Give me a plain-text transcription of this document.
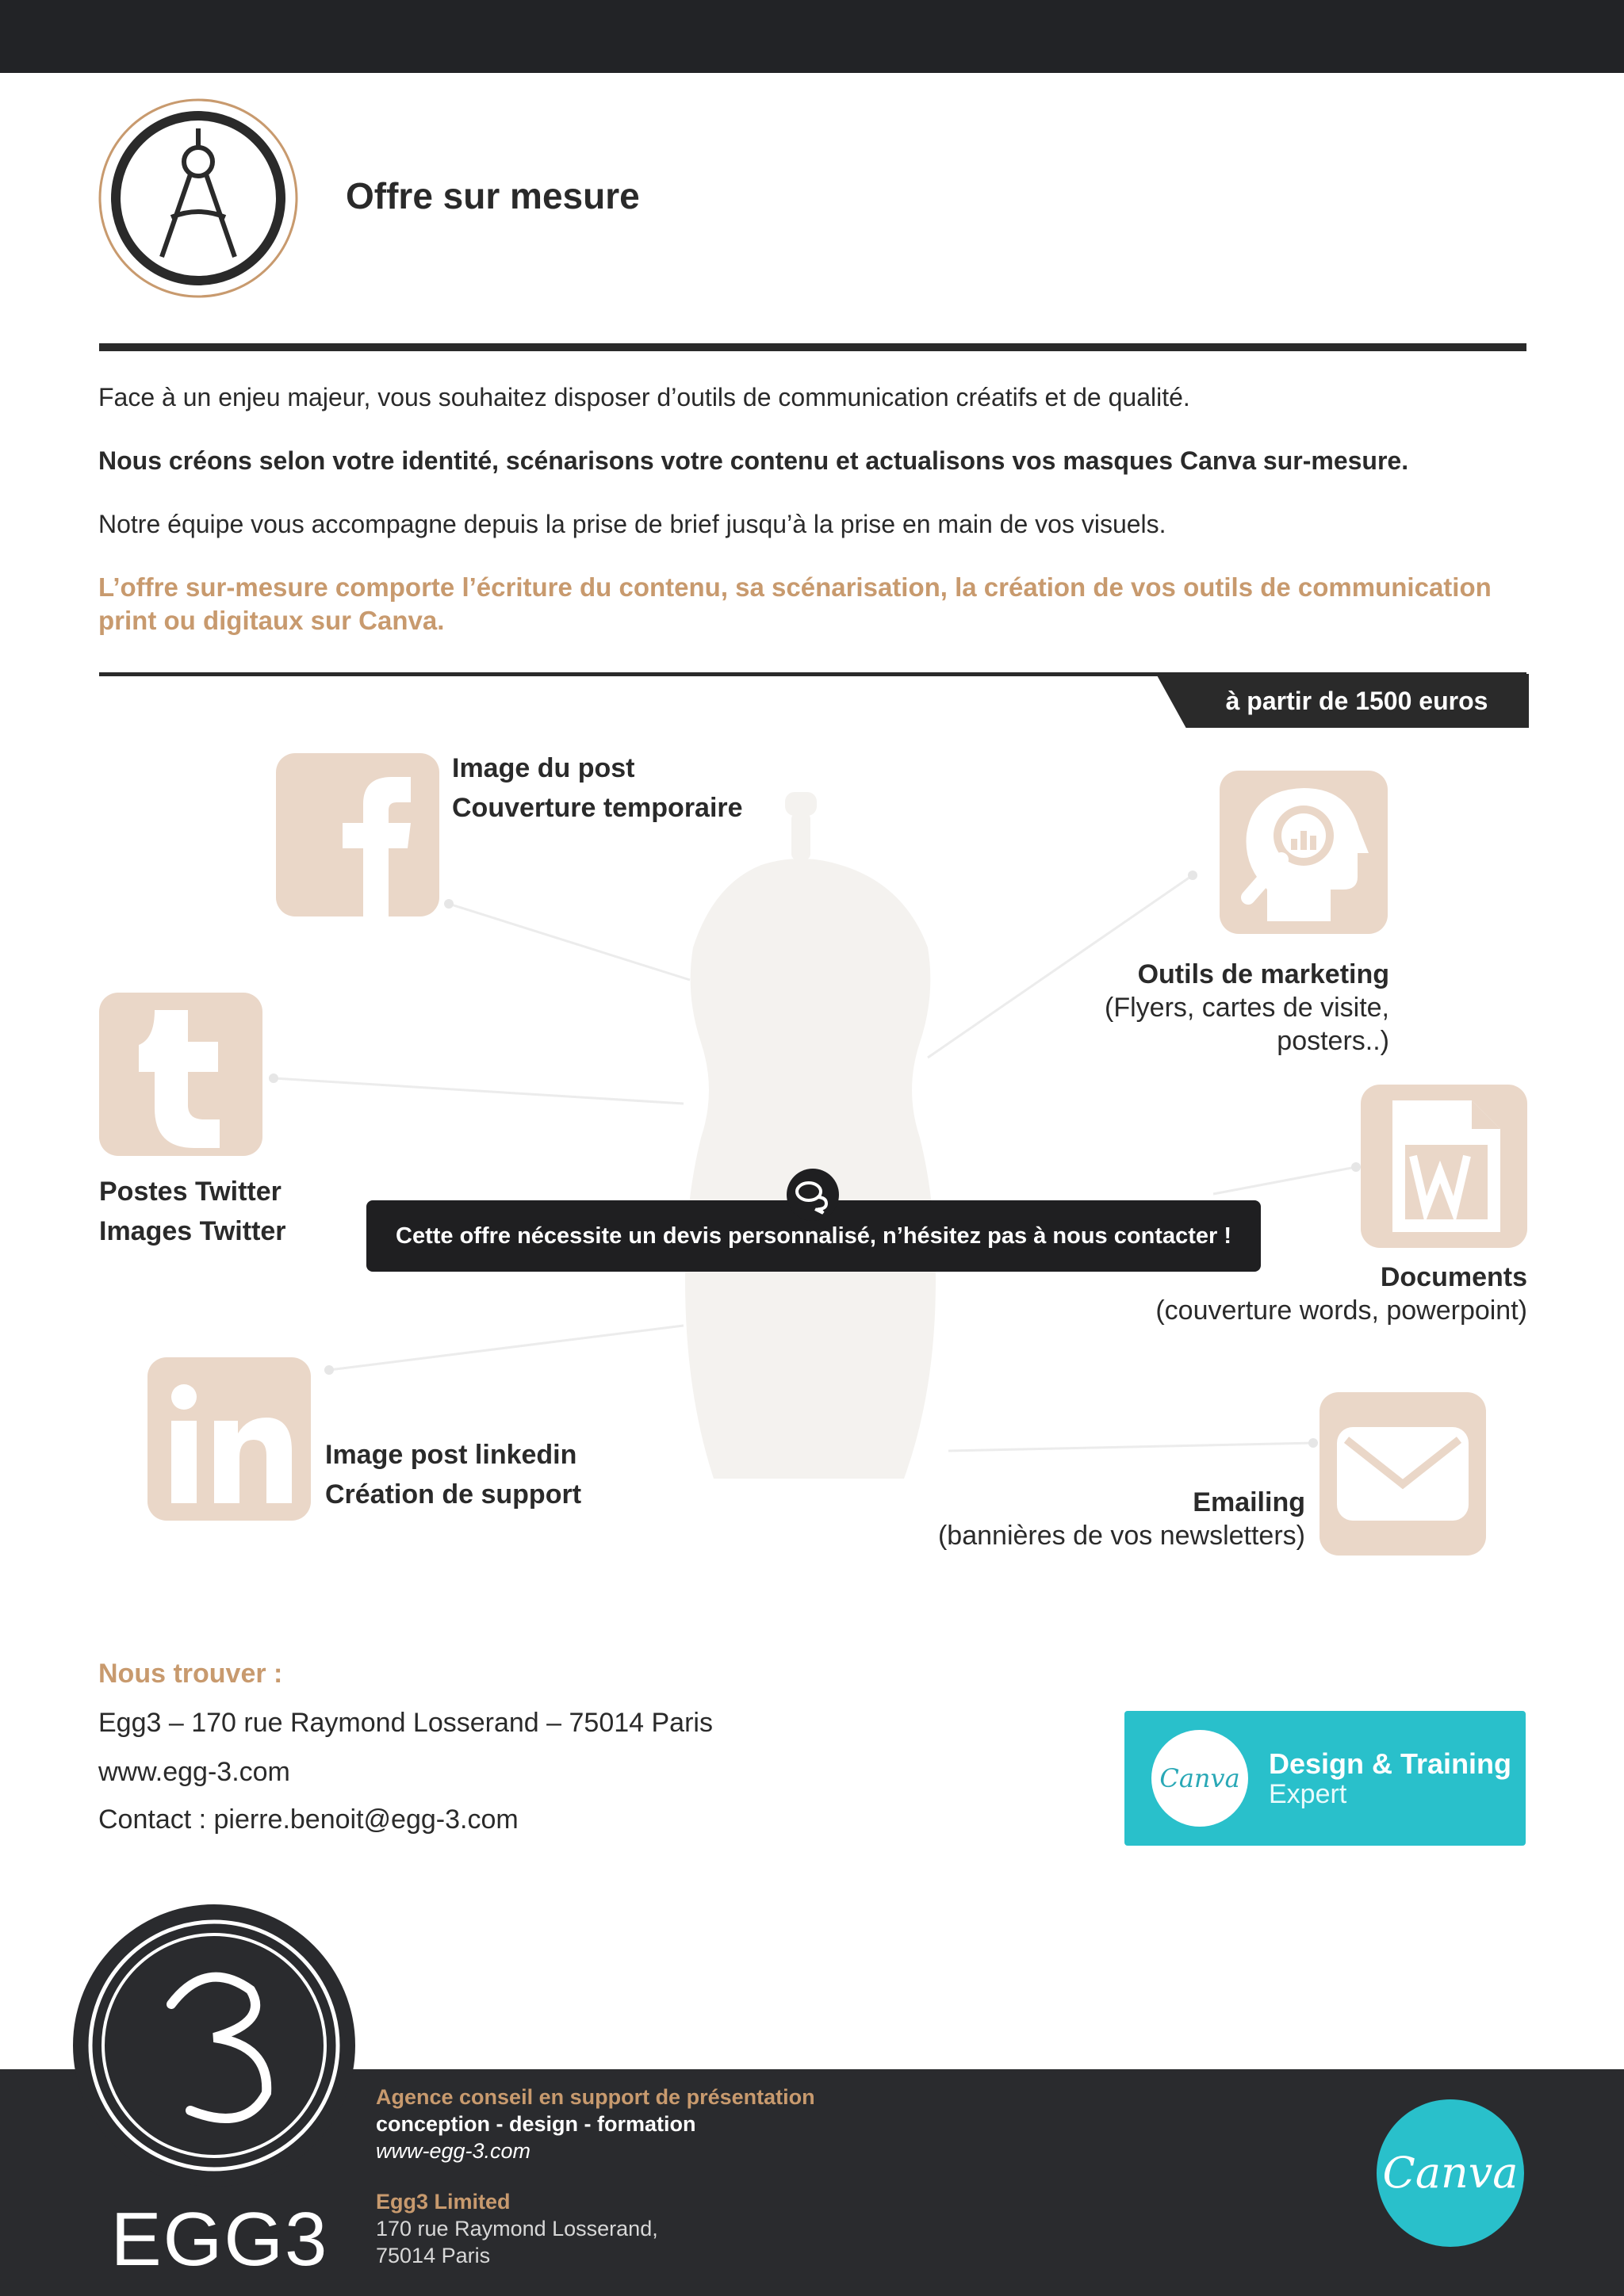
Offre sur mesure
Face à un enjeu majeur, vous souhaitez disposer d’outils de communication créatifs et de qualité.
Nous créons selon votre identité, scénarisons votre contenu et actualisons vos masques Canva sur-mesure.
Notre équipe vous accompagne depuis la prise de brief jusqu’à la prise en main de vos visuels.
L’offre sur-mesure comporte l’écriture du contenu, sa scénarisation, la création de vos outils de communication print ou digitaux sur Canva.
à partir de 1500 euros
Image du post
Couverture temporaire
Postes Twitter
Images Twitter
Image post linkedin
Création de support
Outils de marketing
(Flyers, cartes de visite,
posters..)
Documents
(couverture words, powerpoint)
Emailing
(bannières de vos newsletters)
Cette offre nécessite un devis personnalisé, n’hésitez pas à nous contacter !
Nous trouver :
Egg3 – 170 rue Raymond Losserand – 75014 Paris
www.egg-3.com
Contact : pierre.benoit@egg-3.com
Canva Design & Training
Expert
EGG3
Agence conseil en support de présentation
conception - design - formation
www-egg-3.com
Egg3 Limited
170 rue Raymond Losserand,
75014 Paris
Canva
